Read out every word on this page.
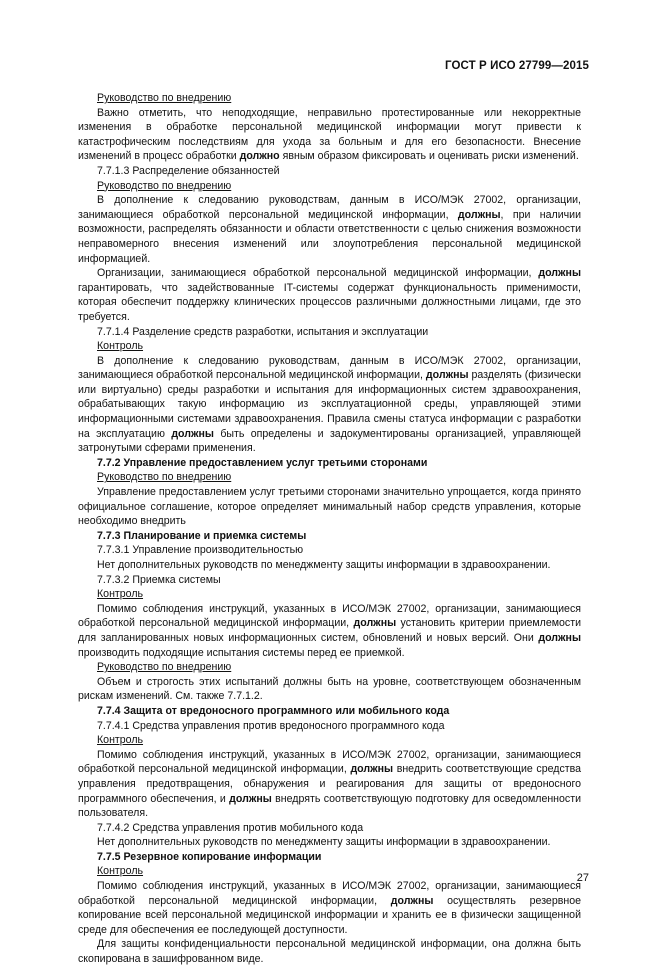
ГОСТ Р ИСО 27799—2015

Руководство по внедрению

Важно отметить, что неподходящие, неправильно протестированные или некорректные изменения в обработке персональной медицинской информации могут привести к катастрофическим последствиям для ухода за больным и для его безопасности. Внесение изменений в процесс обработки должно явным образом фиксировать и оценивать риски изменений.

7.7.1.3 Распределение обязанностей

Руководство по внедрению

В дополнение к следованию руководствам, данным в ИСО/МЭК 27002, организации, занимающиеся обработкой персональной медицинской информации, должны, при наличии возможности, распределять обязанности и области ответственности с целью снижения возможности неправомерного внесения изменений или злоупотребления персональной медицинской информацией.

Организации, занимающиеся обработкой персональной медицинской информации, должны гарантировать, что задействованные IT-системы содержат функциональность применимости, которая обеспечит поддержку клинических процессов различными должностными лицами, где это требуется.

7.7.1.4 Разделение средств разработки, испытания и эксплуатации

Контроль

В дополнение к следованию руководствам, данным в ИСО/МЭК 27002, организации, занимающиеся обработкой персональной медицинской информации, должны разделять (физически или виртуально) среды разработки и испытания для информационных систем здравоохранения, обрабатывающих такую информацию из эксплуатационной среды, управляющей этими информационными системами здравоохранения. Правила смены статуса информации с разработки на эксплуатацию должны быть определены и задокументированы организацией, управляющей затронутыми сферами применения.

7.7.2 Управление предоставлением услуг третьими сторонами

Руководство по внедрению

Управление предоставлением услуг третьими сторонами значительно упрощается, когда принято официальное соглашение, которое определяет минимальный набор средств управления, которые необходимо внедрить

7.7.3 Планирование и приемка системы

7.7.3.1 Управление производительностью

Нет дополнительных руководств по менеджменту защиты информации в здравоохранении.

7.7.3.2 Приемка системы

Контроль

Помимо соблюдения инструкций, указанных в ИСО/МЭК 27002, организации, занимающиеся обработкой персональной медицинской информации, должны установить критерии приемлемости для запланированных новых информационных систем, обновлений и новых версий. Они должны производить подходящие испытания системы перед ее приемкой.

Руководство по внедрению

Объем и строгость этих испытаний должны быть на уровне, соответствующем обозначенным рискам изменений. См. также 7.7.1.2.

7.7.4 Защита от вредоносного программного или мобильного кода

7.7.4.1 Средства управления против вредоносного программного кода

Контроль

Помимо соблюдения инструкций, указанных в ИСО/МЭК 27002, организации, занимающиеся обработкой персональной медицинской информации, должны внедрить соответствующие средства управления предотвращения, обнаружения и реагирования для защиты от вредоносного программного обеспечения, и должны внедрять соответствующую подготовку для осведомленности пользователя.

7.7.4.2 Средства управления против мобильного кода

Нет дополнительных руководств по менеджменту защиты информации в здравоохранении.

7.7.5 Резервное копирование информации

Контроль

Помимо соблюдения инструкций, указанных в ИСО/МЭК 27002, организации, занимающиеся обработкой персональной медицинской информации, должны осуществлять резервное копирование всей персональной медицинской информации и хранить ее в физически защищенной среде для обеспечения ее последующей доступности.

Для защиты конфиденциальности персональной медицинской информации, она должна быть скопирована в зашифрованном виде.

27
